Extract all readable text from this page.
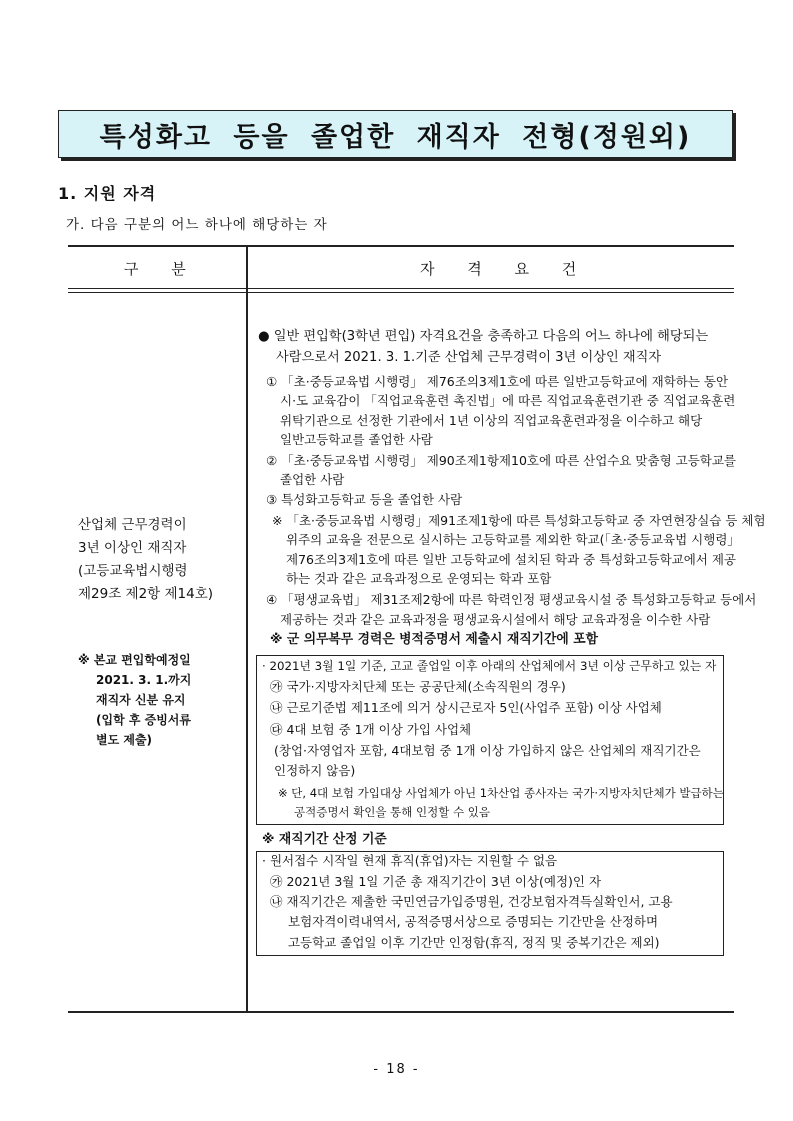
특성화고 등을 졸업한 재직자 전형(정원외)
1. 지원 자격
가. 다음 구분의 어느 하나에 해당하는 자
구 분	자 격 요 건
산업체 근무경력이
3년 이상인 재직자
(고등교육법시행령
제29조 제2항 제14호)
※ 본교 편입학예정일
2021. 3. 1.까지
재직자 신분 유지
(입학 후 증빙서류
별도 제출)
● 일반 편입학(3학년 편입) 자격요건을 충족하고 다음의 어느 하나에 해당되는
사람으로서 2021. 3. 1.기준 산업체 근무경력이 3년 이상인 재직자
① 「초·중등교육법 시행령」 제76조의3제1호에 따른 일반고등학교에 재학하는 동안
시·도 교육감이 「직업교육훈련 촉진법」에 따른 직업교육훈련기관 중 직업교육훈련
위탁기관으로 선정한 기관에서 1년 이상의 직업교육훈련과정을 이수하고 해당
일반고등학교를 졸업한 사람
② 「초·중등교육법 시행령」 제90조제1항제10호에 따른 산업수요 맞춤형 고등학교를
졸업한 사람
③ 특성화고등학교 등을 졸업한 사람
※ 「초·중등교육법 시행령」제91조제1항에 따른 특성화고등학교 중 자연현장실습 등 체험
위주의 교육을 전문으로 실시하는 고등학교를 제외한 학교(「초·중등교육법 시행령」
제76조의3제1호에 따른 일반 고등학교에 설치된 학과 중 특성화고등학교에서 제공
하는 것과 같은 교육과정으로 운영되는 학과 포함
④ 「평생교육법」 제31조제2항에 따른 학력인정 평생교육시설 중 특성화고등학교 등에서
제공하는 것과 같은 교육과정을 평생교육시설에서 해당 교육과정을 이수한 사람
※ 군 의무복무 경력은 병적증명서 제출시 재직기간에 포함
· 2021년 3월 1일 기준, 고교 졸업일 이후 아래의 산업체에서 3년 이상 근무하고 있는 자
㉮ 국가·지방자치단체 또는 공공단체(소속직원의 경우)
㉯ 근로기준법 제11조에 의거 상시근로자 5인(사업주 포함) 이상 사업체
㉰ 4대 보험 중 1개 이상 가입 사업체
(창업·자영업자 포함, 4대보험 중 1개 이상 가입하지 않은 산업체의 재직기간은
인정하지 않음)
※ 단, 4대 보험 가입대상 사업체가 아닌 1차산업 종사자는 국가·지방자치단체가 발급하는
공적증명서 확인을 통해 인정할 수 있음
※ 재직기간 산정 기준
· 원서접수 시작일 현재 휴직(휴업)자는 지원할 수 없음
㉮ 2021년 3월 1일 기준 총 재직기간이 3년 이상(예정)인 자
㉯ 재직기간은 제출한 국민연금가입증명원, 건강보험자격득실확인서, 고용
보험자격이력내역서, 공적증명서상으로 증명되는 기간만을 산정하며
고등학교 졸업일 이후 기간만 인정함(휴직, 정직 및 중복기간은 제외)
- 18 -
